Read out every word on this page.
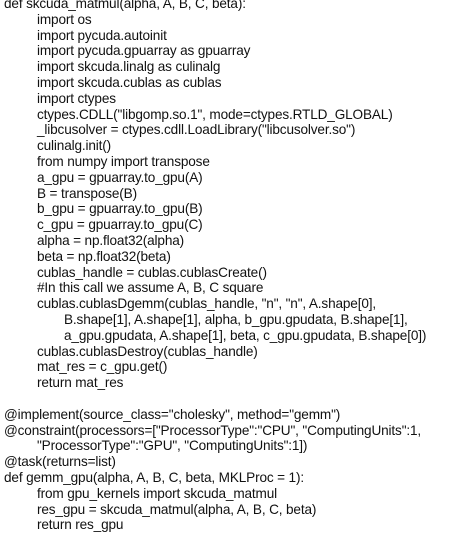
def skcuda_matmul(alpha, A, B, C, beta):
import os
import pycuda.autoinit
import pycuda.gpuarray as gpuarray
import skcuda.linalg as culinalg
import skcuda.cublas as cublas
import ctypes
ctypes.CDLL("libgomp.so.1", mode=ctypes.RTLD_GLOBAL)
_libcusolver = ctypes.cdll.LoadLibrary("libcusolver.so")
culinalg.init()
from numpy import transpose
a_gpu = gpuarray.to_gpu(A)
B = transpose(B)
b_gpu = gpuarray.to_gpu(B)
c_gpu = gpuarray.to_gpu(C)
alpha = np.float32(alpha)
beta = np.float32(beta)
cublas_handle = cublas.cublasCreate()
#In this call we assume A, B, C square
cublas.cublasDgemm(cublas_handle, "n", "n", A.shape[0],
B.shape[1], A.shape[1], alpha, b_gpu.gpudata, B.shape[1],
a_gpu.gpudata, A.shape[1], beta, c_gpu.gpudata, B.shape[0])
cublas.cublasDestroy(cublas_handle)
mat_res = c_gpu.get()
return mat_res
@implement(source_class="cholesky", method="gemm")
@constraint(processors=["ProcessorType":"CPU", "ComputingUnits":1,
"ProcessorType":"GPU", "ComputingUnits":1])
@task(returns=list)
def gemm_gpu(alpha, A, B, C, beta, MKLProc = 1):
from gpu_kernels import skcuda_matmul
res_gpu = skcuda_matmul(alpha, A, B, C, beta)
return res_gpu
